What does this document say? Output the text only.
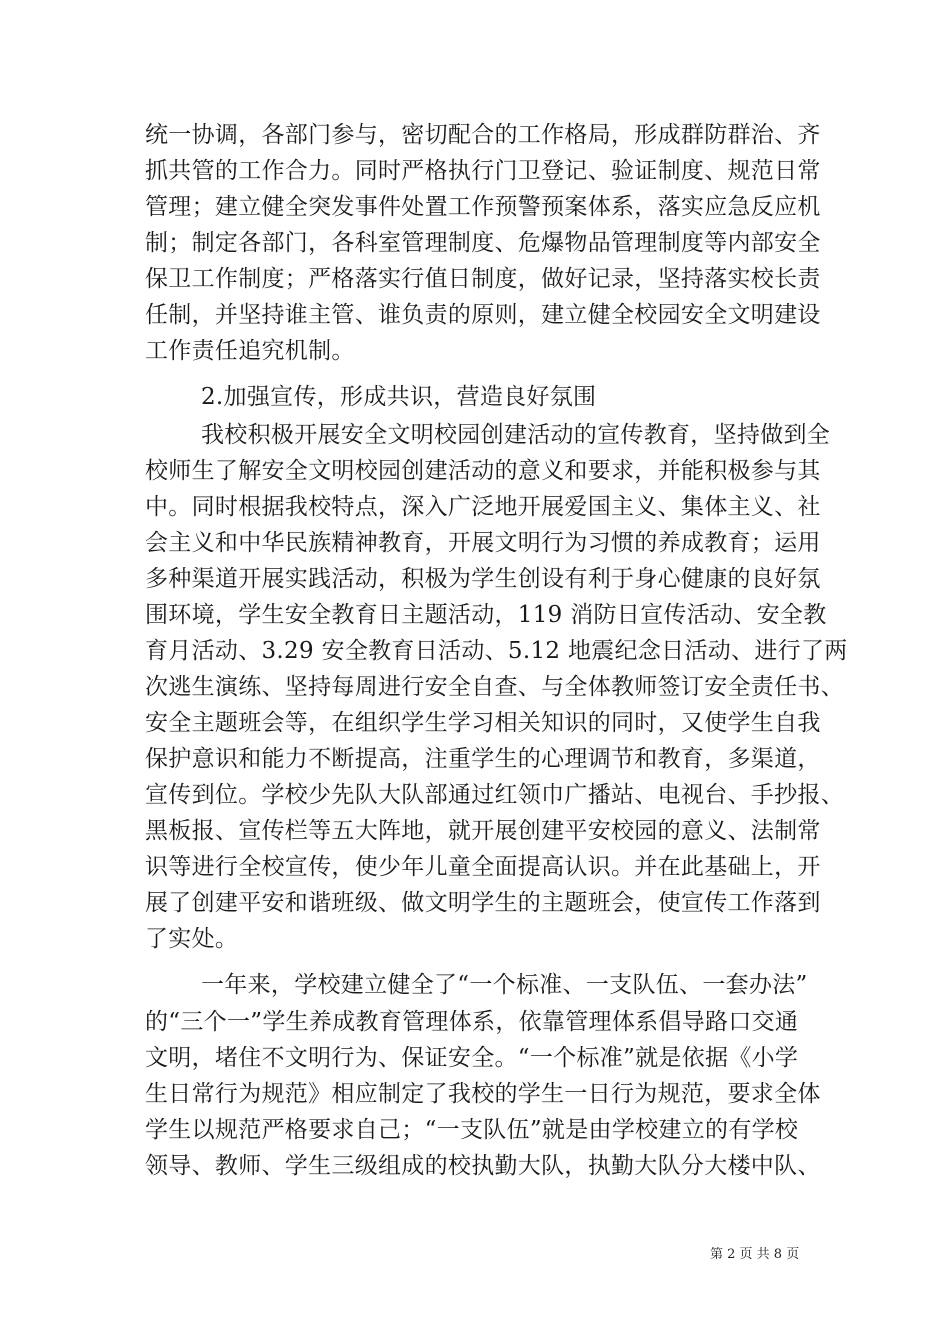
统一协调，各部门参与，密切配合的工作格局，形成群防群治、齐
抓共管的工作合力。同时严格执行门卫登记、验证制度、规范日常
管理；建立健全突发事件处置工作预警预案体系，落实应急反应机
制；制定各部门，各科室管理制度、危爆物品管理制度等内部安全
保卫工作制度；严格落实行值日制度，做好记录，坚持落实校长责
任制，并坚持谁主管、谁负责的原则，建立健全校园安全文明建设
工作责任追究机制。
2.加强宣传，形成共识，营造良好氛围
我校积极开展安全文明校园创建活动的宣传教育，坚持做到全
校师生了解安全文明校园创建活动的意义和要求，并能积极参与其
中。同时根据我校特点，深入广泛地开展爱国主义、集体主义、社
会主义和中华民族精神教育，开展文明行为习惯的养成教育；运用
多种渠道开展实践活动，积极为学生创设有利于身心健康的良好氛
围环境，学生安全教育日主题活动，119 消防日宣传活动、安全教
育月活动、3.29 安全教育日活动、5.12 地震纪念日活动、进行了两
次逃生演练、坚持每周进行安全自查、与全体教师签订安全责任书、
安全主题班会等，在组织学生学习相关知识的同时，又使学生自我
保护意识和能力不断提高，注重学生的心理调节和教育，多渠道，
宣传到位。学校少先队大队部通过红领巾广播站、电视台、手抄报、
黑板报、宣传栏等五大阵地，就开展创建平安校园的意义、法制常
识等进行全校宣传，使少年儿童全面提高认识。并在此基础上，开
展了创建平安和谐班级、做文明学生的主题班会，使宣传工作落到
了实处。
一年来，学校建立健全了“一个标准、一支队伍、一套办法”
的“三个一”学生养成教育管理体系，依靠管理体系倡导路口交通
文明，堵住不文明行为、保证安全。“一个标准”就是依据《小学
生日常行为规范》相应制定了我校的学生一日行为规范，要求全体
学生以规范严格要求自己；“一支队伍”就是由学校建立的有学校
领导、教师、学生三级组成的校执勤大队，执勤大队分大楼中队、
第 2 页 共 8 页
